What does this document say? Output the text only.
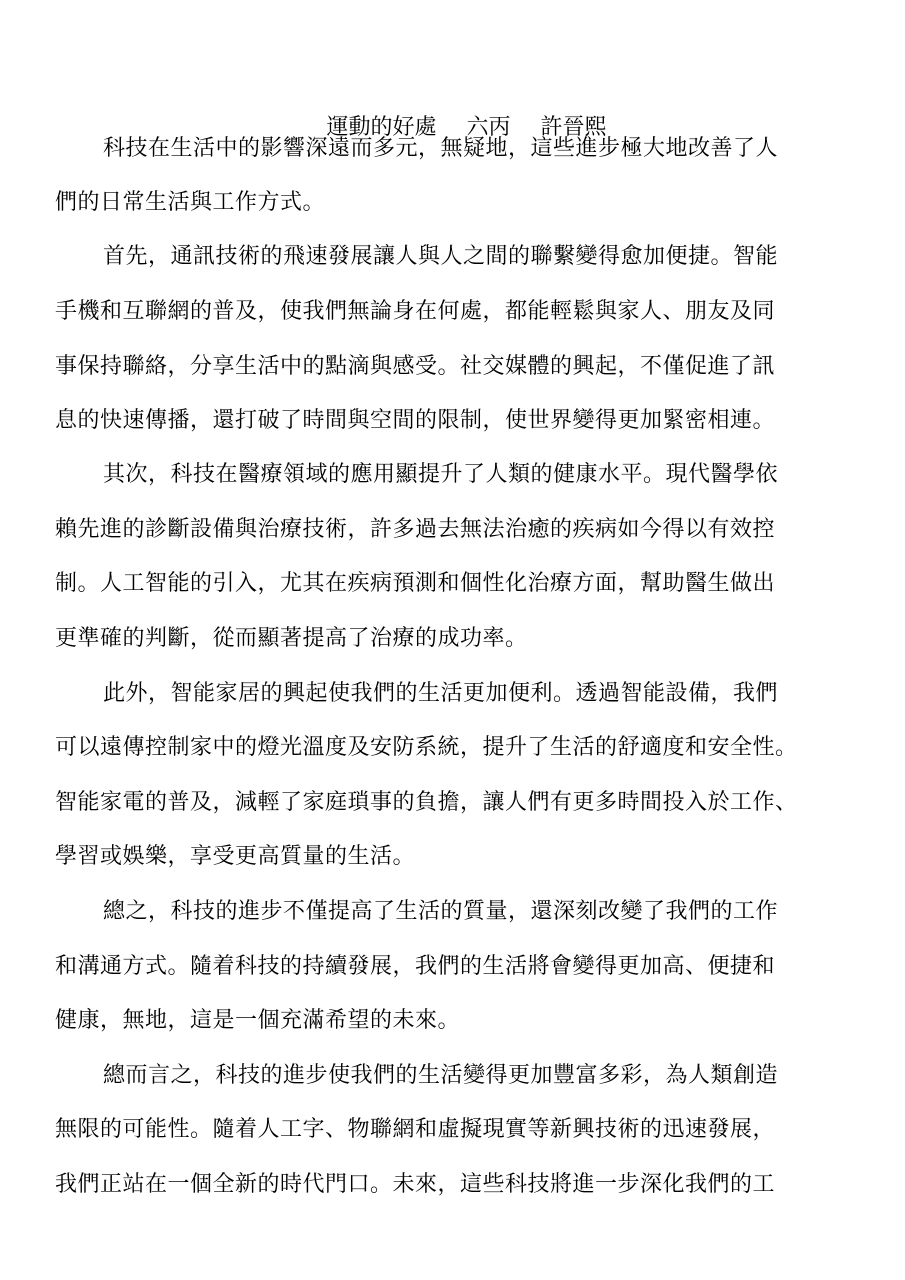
運動的好處 六丙 許晉熙

科技在生活中的影響深遠而多元，無疑地，這些進步極大地改善了人
們的日常生活與工作方式。
首先，通訊技術的飛速發展讓人與人之間的聯繫變得愈加便捷。智能
手機和互聯網的普及，使我們無論身在何處，都能輕鬆與家人、朋友及同
事保持聯絡，分享生活中的點滴與感受。社交媒體的興起，不僅促進了訊
息的快速傳播，還打破了時間與空間的限制，使世界變得更加緊密相連。
其次，科技在醫療領域的應用顯提升了人類的健康水平。現代醫學依
賴先進的診斷設備與治療技術，許多過去無法治癒的疾病如今得以有效控
制。人工智能的引入，尤其在疾病預測和個性化治療方面，幫助醫生做出
更準確的判斷，從而顯著提高了治療的成功率。
此外，智能家居的興起使我們的生活更加便利。透過智能設備，我們
可以遠傳控制家中的燈光溫度及安防系統，提升了生活的舒適度和安全性。
智能家電的普及，減輕了家庭瑣事的負擔，讓人們有更多時間投入於工作、
學習或娛樂，享受更高質量的生活。
總之，科技的進步不僅提高了生活的質量，還深刻改變了我們的工作
和溝通方式。隨着科技的持續發展，我們的生活將會變得更加高、便捷和
健康，無地，這是一個充滿希望的未來。
總而言之，科技的進步使我們的生活變得更加豐富多彩，為人類創造
無限的可能性。隨着人工字、物聯網和虛擬現實等新興技術的迅速發展，
我們正站在一個全新的時代門口。未來，這些科技將進一步深化我們的工
